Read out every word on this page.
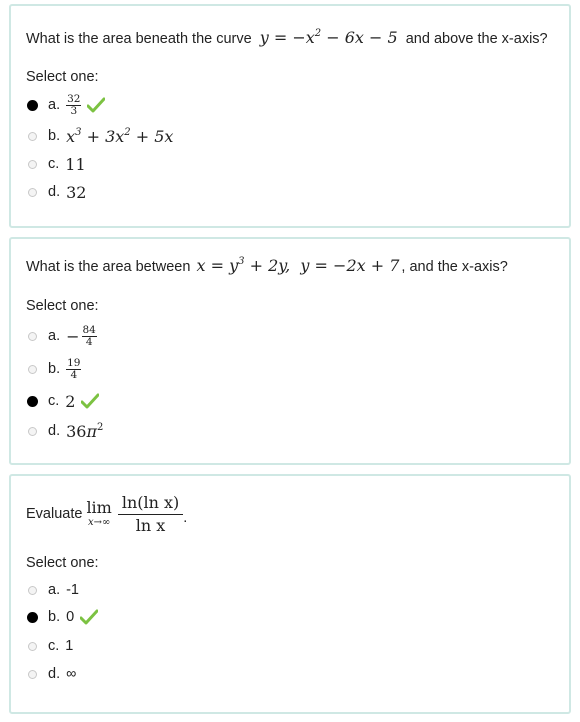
What is the area beneath the curve $y = -x^2 - 6x - 5$ and above the x-axis?
Select one:
a. $\frac{32}{3}$
b. $x^3 + 3x^2 + 5x$
c. 11
d. 32
What is the area between $x = y^3 + 2y$,  y = −2x + 7 , and the x-axis?
Select one:
a. − $\frac{84}{4}$
b. $\frac{19}{4}$
c. 2
d. $36\pi^2$
Evaluate lim
$x\to\infty \frac{\text{ln(ln x)}}{\text{ln x}}$ .
Select one:
a. -1
b. 0
c. 1
d. ∞
